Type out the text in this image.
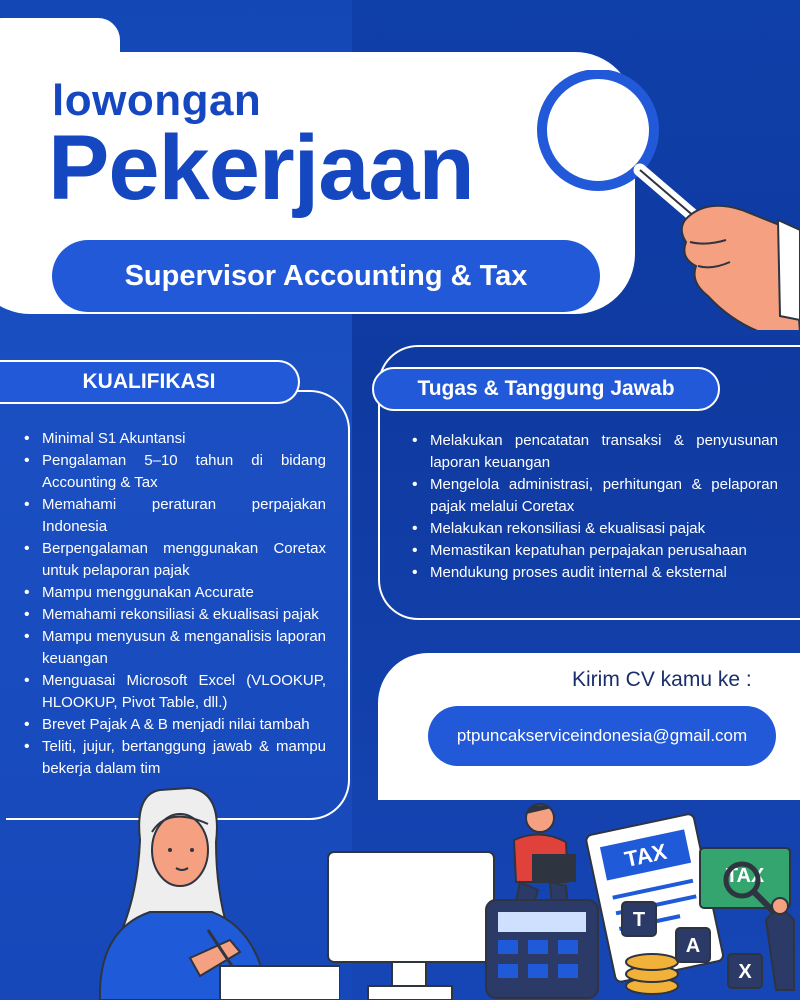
lowongan
Pekerjaan
Supervisor Accounting & Tax
KUALIFIKASI
• Minimal S1 Akuntansi
• Pengalaman 5–10 tahun di bidang Accounting & Tax
• Memahami peraturan perpajakan Indonesia
• Berpengalaman menggunakan Coretax untuk pelaporan pajak
• Mampu menggunakan Accurate
• Memahami rekonsiliasi & ekualisasi pajak
• Mampu menyusun & menganalisis laporan keuangan
• Menguasai Microsoft Excel (VLOOKUP, HLOOKUP, Pivot Table, dll.)
• Brevet Pajak A & B menjadi nilai tambah
• Teliti, jujur, bertanggung jawab & mampu bekerja dalam tim
Tugas & Tanggung Jawab
• Melakukan pencatatan transaksi & penyusunan laporan keuangan
• Mengelola administrasi, perhitungan & pelaporan pajak melalui Coretax
• Melakukan rekonsiliasi & ekualisasi pajak
• Memastikan kepatuhan perpajakan perusahaan
• Mendukung proses audit internal & eksternal
Kirim CV kamu ke :
ptpuncakserviceindonesia@gmail.com
TAX
TAX
T
A
X
